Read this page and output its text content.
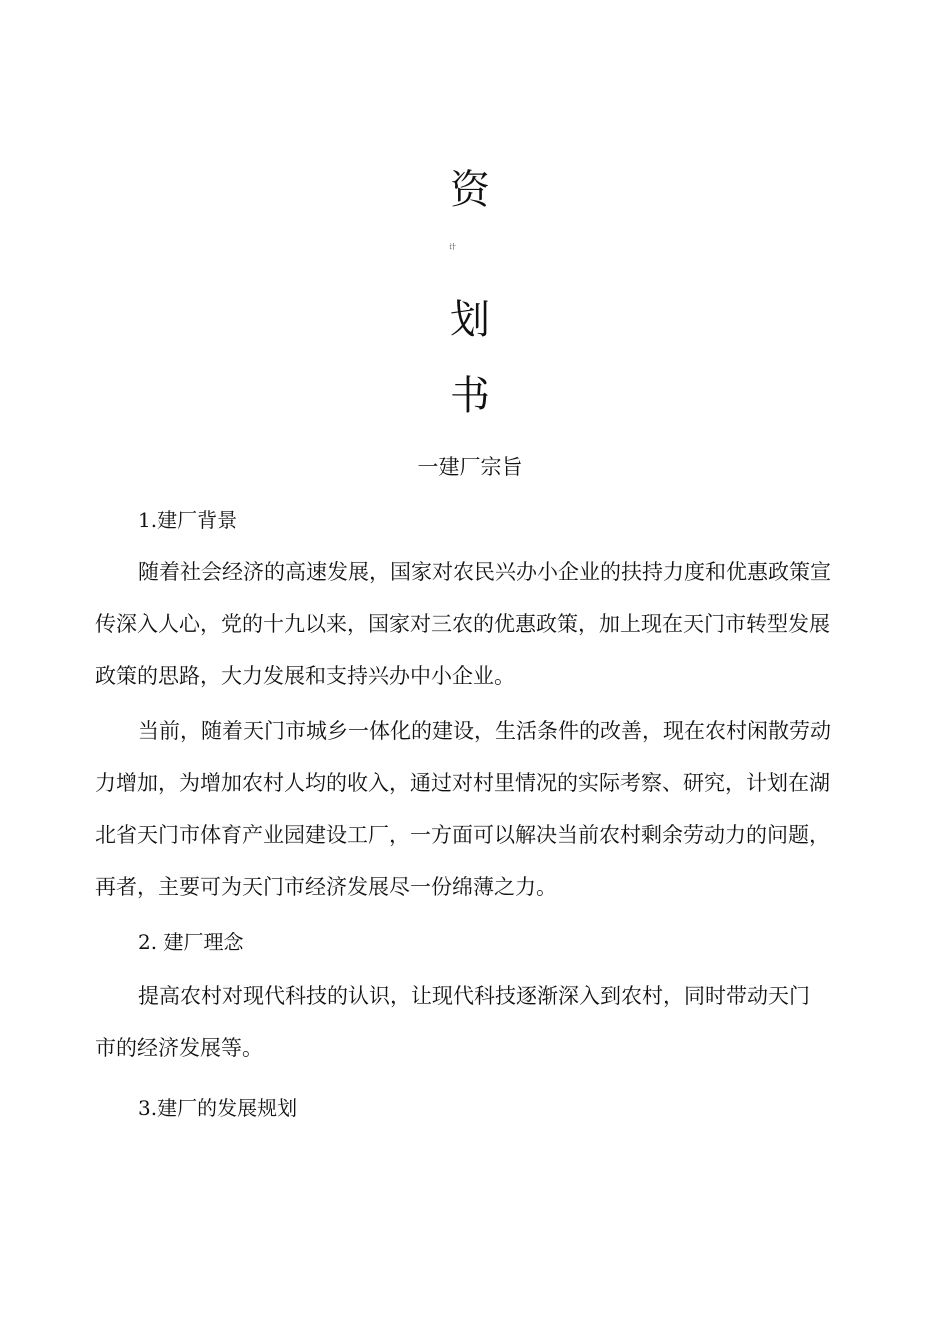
资
计
划
书
一建厂宗旨
1.建厂背景
随着社会经济的高速发展，国家对农民兴办小企业的扶持力度和优惠政策宣
传深入人心，党的十九以来，国家对三农的优惠政策，加上现在天门市转型发展
政策的思路，大力发展和支持兴办中小企业。
当前，随着天门市城乡一体化的建设，生活条件的改善，现在农村闲散劳动
力增加，为增加农村人均的收入，通过对村里情况的实际考察、研究，计划在湖
北省天门市体育产业园建设工厂，一方面可以解决当前农村剩余劳动力的问题，
再者，主要可为天门市经济发展尽一份绵薄之力。
2. 建厂理念
提高农村对现代科技的认识，让现代科技逐渐深入到农村，同时带动天门
市的经济发展等。
3.建厂的发展规划
